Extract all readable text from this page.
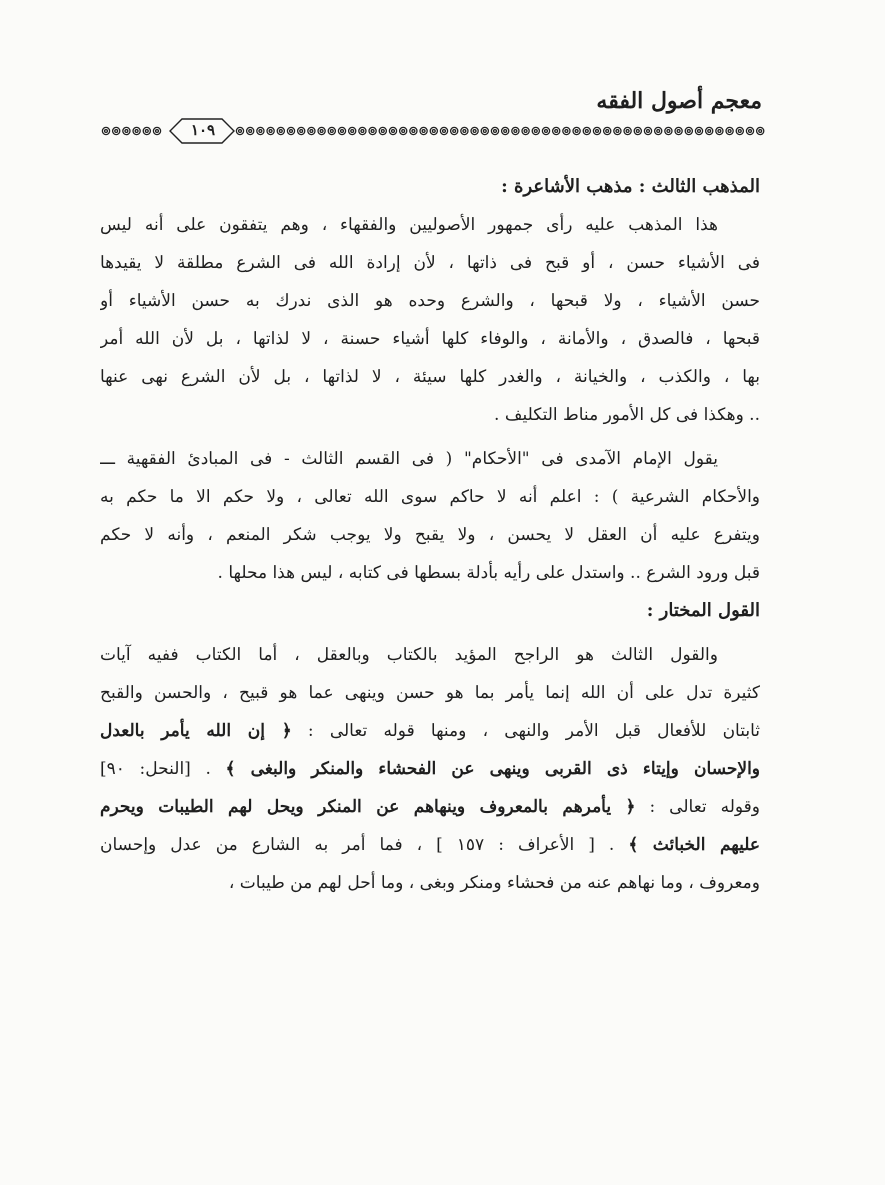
معجم أصول الفقه
١٠٩
المذهب الثالث : مذهب الأشاعرة :
هذا المذهب عليه رأى جمهور الأصوليين والفقهاء ، وهم يتفقون على أنه ليس
فى الأشياء حسن ، أو قبح فى ذاتها ، لأن إرادة الله فى الشرع مطلقة لا يقيدها
حسن الأشياء ، ولا قبحها ، والشرع وحده هو الذى ندرك به حسن الأشياء أو
قبحها ، فالصدق ، والأمانة ، والوفاء كلها أشياء حسنة ، لا لذاتها ، بل لأن الله أمر
بها ، والكذب ، والخيانة ، والغدر كلها سيئة ، لا لذاتها ، بل لأن الشرع نهى عنها
.. وهكذا فى كل الأمور مناط التكليف .
يقول الإمام الآمدى فى "الأحكام" ( فى القسم الثالث - فى المبادئ الفقهية ـــ
والأحكام الشرعية ) : اعلم أنه لا حاكم سوى الله تعالى ، ولا حكم الا ما حكم به
ويتفرع عليه أن العقل لا يحسن ، ولا يقبح ولا يوجب شكر المنعم ، وأنه لا حكم
قبل ورود الشرع .. واستدل على رأيه بأدلة بسطها فى كتابه ، ليس هذا محلها .
القول المختار :
والقول الثالث هو الراجح المؤيد بالكتاب وبالعقل ، أما الكتاب ففيه آيات
كثيرة تدل على أن الله إنما يأمر بما هو حسن وينهى عما هو قبيح ، والحسن والقبح
ثابتان للأفعال قبل الأمر والنهى ، ومنها قوله تعالى : ﴿ إن الله يأمر بالعدل
والإحسان وإيتاء ذى القربى وينهى عن الفحشاء والمنكر والبغى ﴾ . [النحل: ٩٠]
وقوله تعالى : ﴿ يأمرهم بالمعروف وينهاهم عن المنكر ويحل لهم الطيبات ويحرم
عليهم الخبائث ﴾ . [ الأعراف : ١٥٧ ] ، فما أمر به الشارع من عدل وإحسان
ومعروف ، وما نهاهم عنه من فحشاء ومنكر وبغى ، وما أحل لهم من طيبات ،
